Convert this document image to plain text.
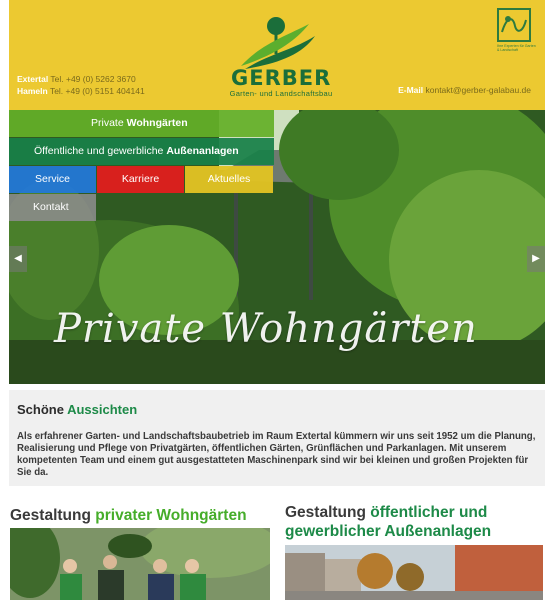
Extertal Tel. +49 (0) 5262 3670
Hameln Tel. +49 (0) 5151 404141
GERBER
Garten- und Landschaftsbau
Ihre Experten für Garten & Landschaft
E-Mail kontakt@gerber-galabau.de
Private Wohngärten
Öffentliche und gewerbliche Außenanlagen
Service	Karriere	Aktuelles
Kontakt
◀	▶
Private Wohngärten
Schöne Aussichten
Als erfahrener Garten- und Landschaftsbaubetrieb im Raum Extertal kümmern wir uns seit 1952 um die Planung, Realisierung und Pflege von Privatgärten, öffentlichen Gärten, Grünflächen und Parkanlagen. Mit unserem kompetenten Team und einem gut ausgestatteten Maschinenpark sind wir bei kleinen und großen Projekten für Sie da.
Gestaltung privater Wohngärten	Gestaltung öffentlicher und gewerblicher Außenanlagen
